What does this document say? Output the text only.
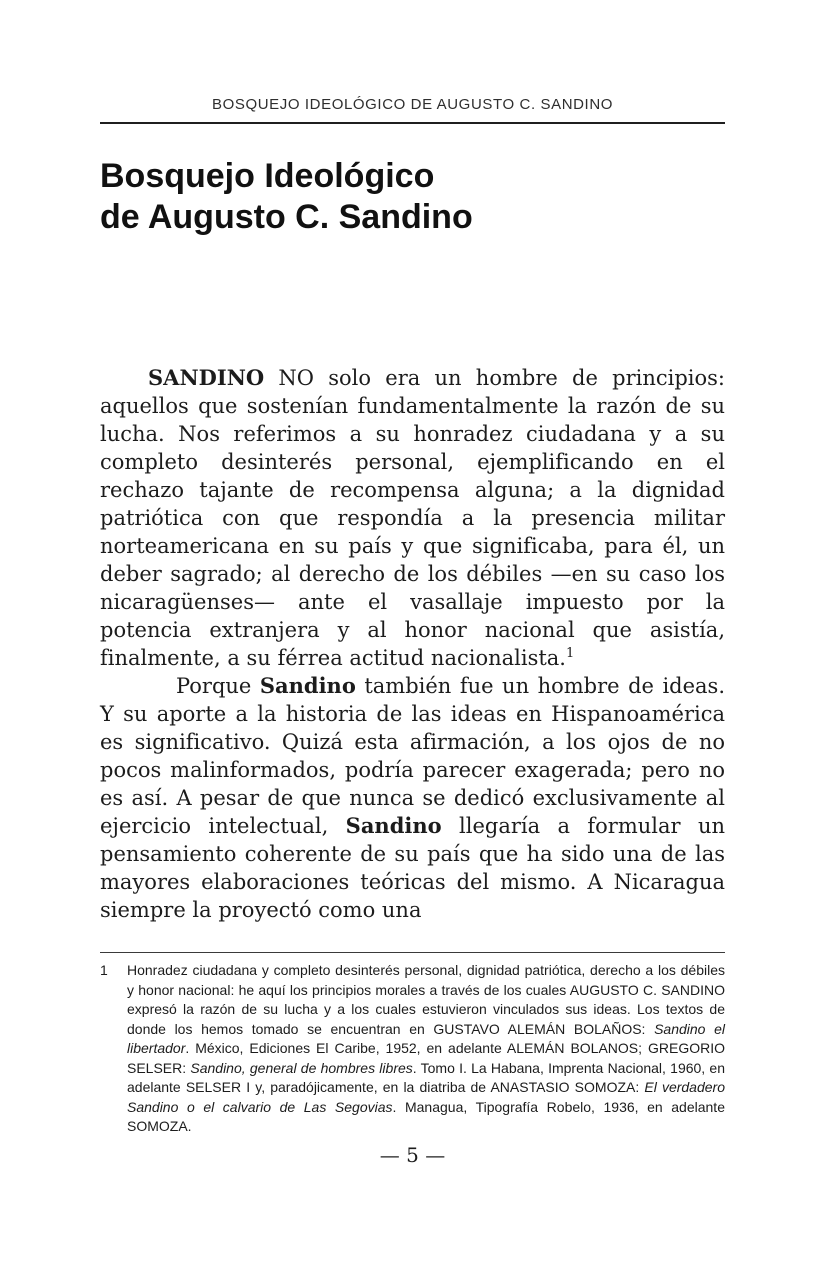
BOSQUEJO IDEOLÓGICO DE AUGUSTO C. SANDINO
Bosquejo Ideológico
de Augusto C. Sandino

SANDINO NO solo era un hombre de principios: aquellos que sostenían fundamentalmente la razón de su lucha. Nos referimos a su honradez ciudadana y a su completo desinterés personal, ejemplificando en el rechazo tajante de recompensa alguna; a la dignidad patriótica con que respondía a la presencia militar norteamericana en su país y que significaba, para él, un deber sagrado; al derecho de los débiles —en su caso los nicaragüenses— ante el vasallaje impuesto por la potencia extranjera y al honor nacional que asistía, finalmente, a su férrea actitud nacionalista.$^1$

Porque Sandino también fue un hombre de ideas. Y su aporte a la historia de las ideas en Hispanoamérica es significativo. Quizá esta afirmación, a los ojos de no pocos malinformados, podría parecer exagerada; pero no es así. A pesar de que nunca se dedicó exclusivamente al ejercicio intelectual, Sandino llegaría a formular un pensamiento coherente de su país que ha sido una de las mayores elaboraciones teóricas del mismo. A Nicaragua siempre la proyectó como una

1	Honradez ciudadana y completo desinterés personal, dignidad patriótica, derecho a los débiles y honor nacional: he aquí los principios morales a través de los cuales AUGUSTO C. SANDINO expresó la razón de su lucha y a los cuales estuvieron vinculados sus ideas. Los textos de donde los hemos tomado se encuentran en GUSTAVO ALEMÁN BOLAÑOS: Sandino el libertador. México, Ediciones El Caribe, 1952, en adelante ALEMÁN BOLANOS; GREGORIO SELSER: Sandino, general de hombres libres. Tomo I. La Habana, Imprenta Nacional, 1960, en adelante SELSER I y, paradójicamente, en la diatriba de ANASTASIO SOMOZA: El verdadero Sandino o el calvario de Las Segovias. Managua, Tipografía Robelo, 1936, en adelante SOMOZA.
— 5 —
